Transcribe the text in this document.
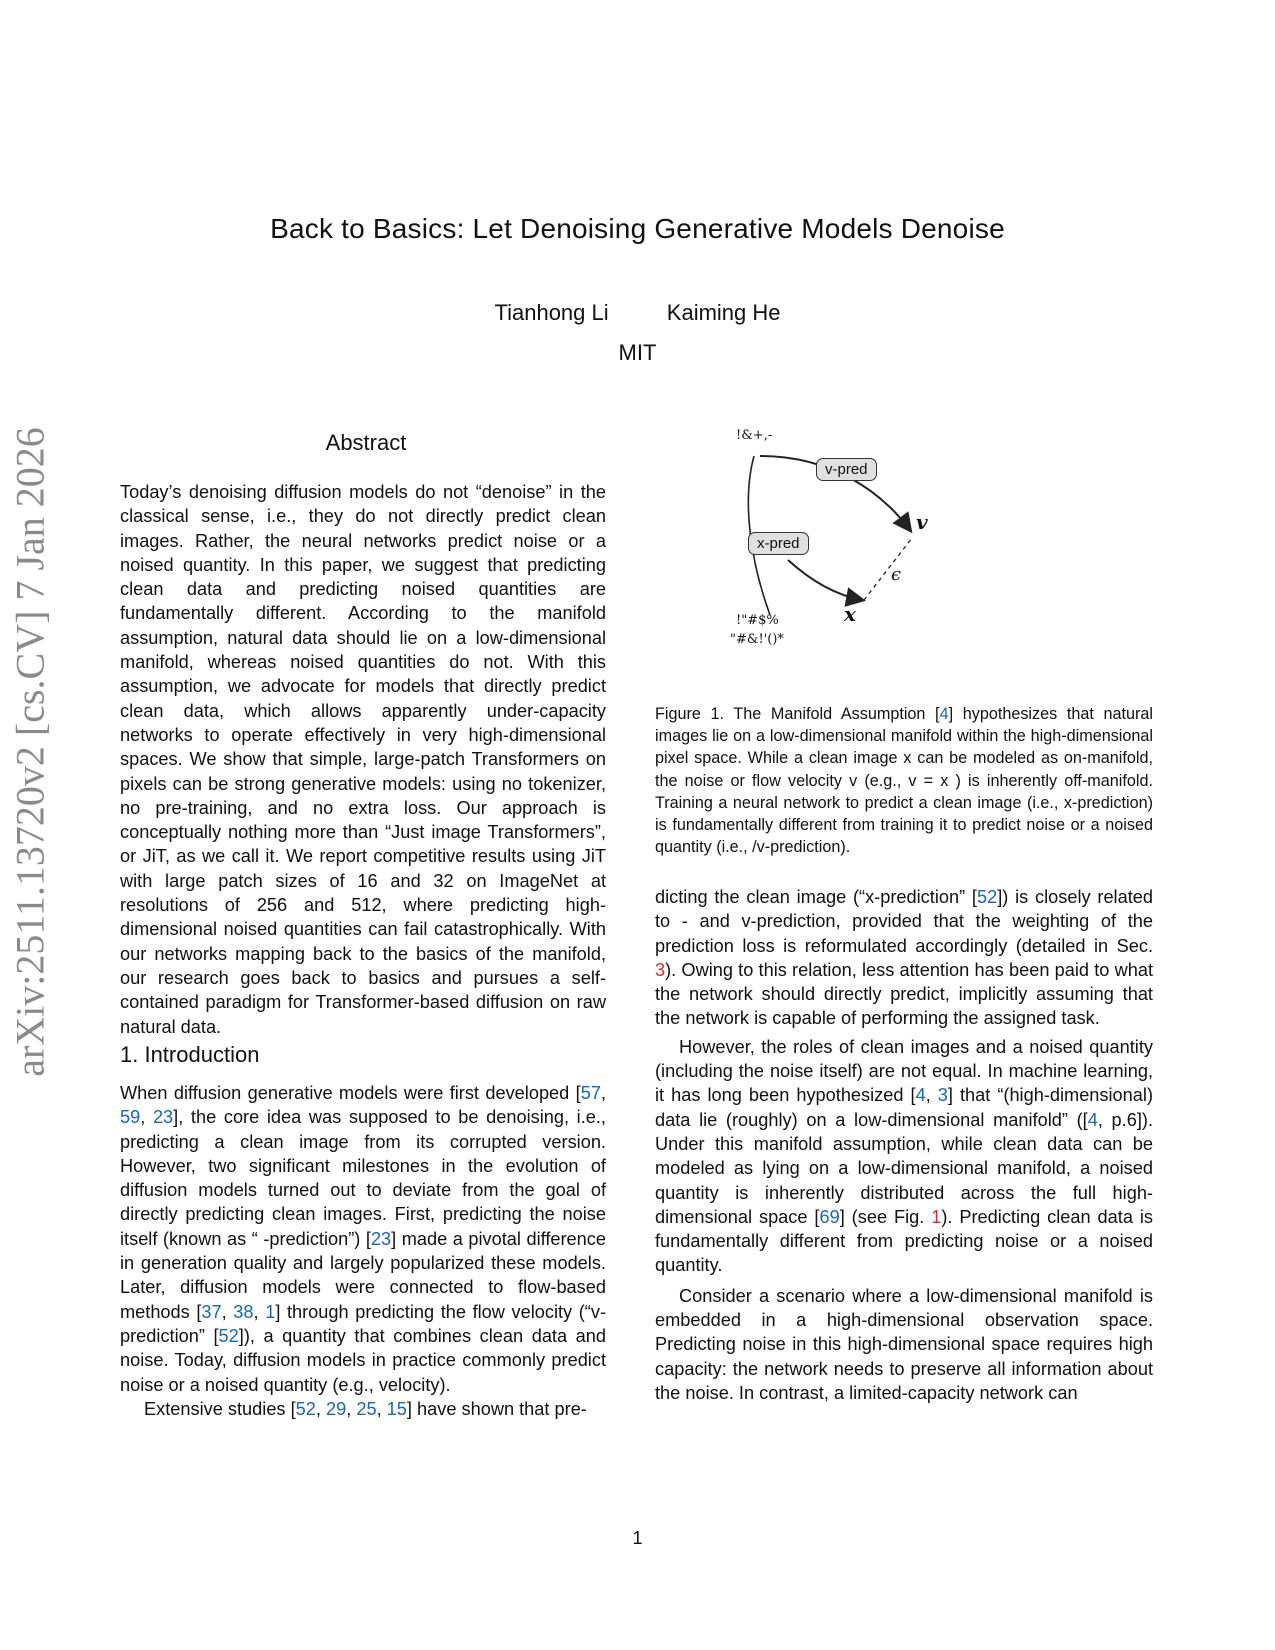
Back to Basics: Let Denoising Generative Models Denoise
Tianhong Li	Kaiming He
MIT
arXiv:2511.13720v2 [cs.CV] 7 Jan 2026	Abstract

Today’s denoising diffusion models do not “denoise” in the classical sense, i.e., they do not directly predict clean images. Rather, the neural networks predict noise or a noised quantity. In this paper, we suggest that predicting clean data and predicting noised quantities are fundamentally different. According to the manifold assumption, natural data should lie on a low-dimensional manifold, whereas noised quantities do not. With this assumption, we advocate for models that directly predict clean data, which allows apparently under-capacity networks to operate effectively in very high-dimensional spaces. We show that simple, large-patch Transformers on pixels can be strong generative models: using no tokenizer, no pre-training, and no extra loss. Our approach is conceptually nothing more than “Just image Transformers”, or JiT, as we call it. We report competitive results using JiT with large patch sizes of 16 and 32 on ImageNet at resolutions of 256 and 512, where predicting high-dimensional noised quantities can fail catastrophically. With our networks mapping back to the basics of the manifold, our research goes back to basics and pursues a self-contained paradigm for Transformer-based diffusion on raw natural data.

1. Introduction

When diffusion generative models were first developed [57, 59, 23], the core idea was supposed to be denoising, i.e., predicting a clean image from its corrupted version. However, two significant milestones in the evolution of diffusion models turned out to deviate from the goal of directly predicting clean images. First, predicting the noise itself (known as “ -prediction”) [23] made a pivotal difference in generation quality and largely popularized these models. Later, diffusion models were connected to flow-based methods [37, 38, 1] through predicting the flow velocity (“v-prediction” [52]), a quantity that combines clean data and noise. Today, diffusion models in practice commonly predict noise or a noised quantity (e.g., velocity).

Extensive studies [52, 29, 25, 15] have shown that pre-

!&+,-
v-pred
v
x-pred
ϵ
x
!"#$%
"#&!'()*
Figure 1. The Manifold Assumption [4] hypothesizes that natural images lie on a low-dimensional manifold within the high-dimensional pixel space. While a clean image x can be modeled as on-manifold, the noise or flow velocity v (e.g., v = x ) is inherently off-manifold. Training a neural network to predict a clean image (i.e., x-prediction) is fundamentally different from training it to predict noise or a noised quantity (i.e., /v-prediction).

dicting the clean image (“x-prediction” [52]) is closely related to - and v-prediction, provided that the weighting of the prediction loss is reformulated accordingly (detailed in Sec. 3). Owing to this relation, less attention has been paid to what the network should directly predict, implicitly assuming that the network is capable of performing the assigned task.

However, the roles of clean images and a noised quantity (including the noise itself) are not equal. In machine learning, it has long been hypothesized [4, 3] that “(high-dimensional) data lie (roughly) on a low-dimensional manifold” ([4, p.6]). Under this manifold assumption, while clean data can be modeled as lying on a low-dimensional manifold, a noised quantity is inherently distributed across the full high-dimensional space [69] (see Fig. 1). Predicting clean data is fundamentally different from predicting noise or a noised quantity.

Consider a scenario where a low-dimensional manifold is embedded in a high-dimensional observation space. Predicting noise in this high-dimensional space requires high capacity: the network needs to preserve all information about the noise. In contrast, a limited-capacity network can

1
